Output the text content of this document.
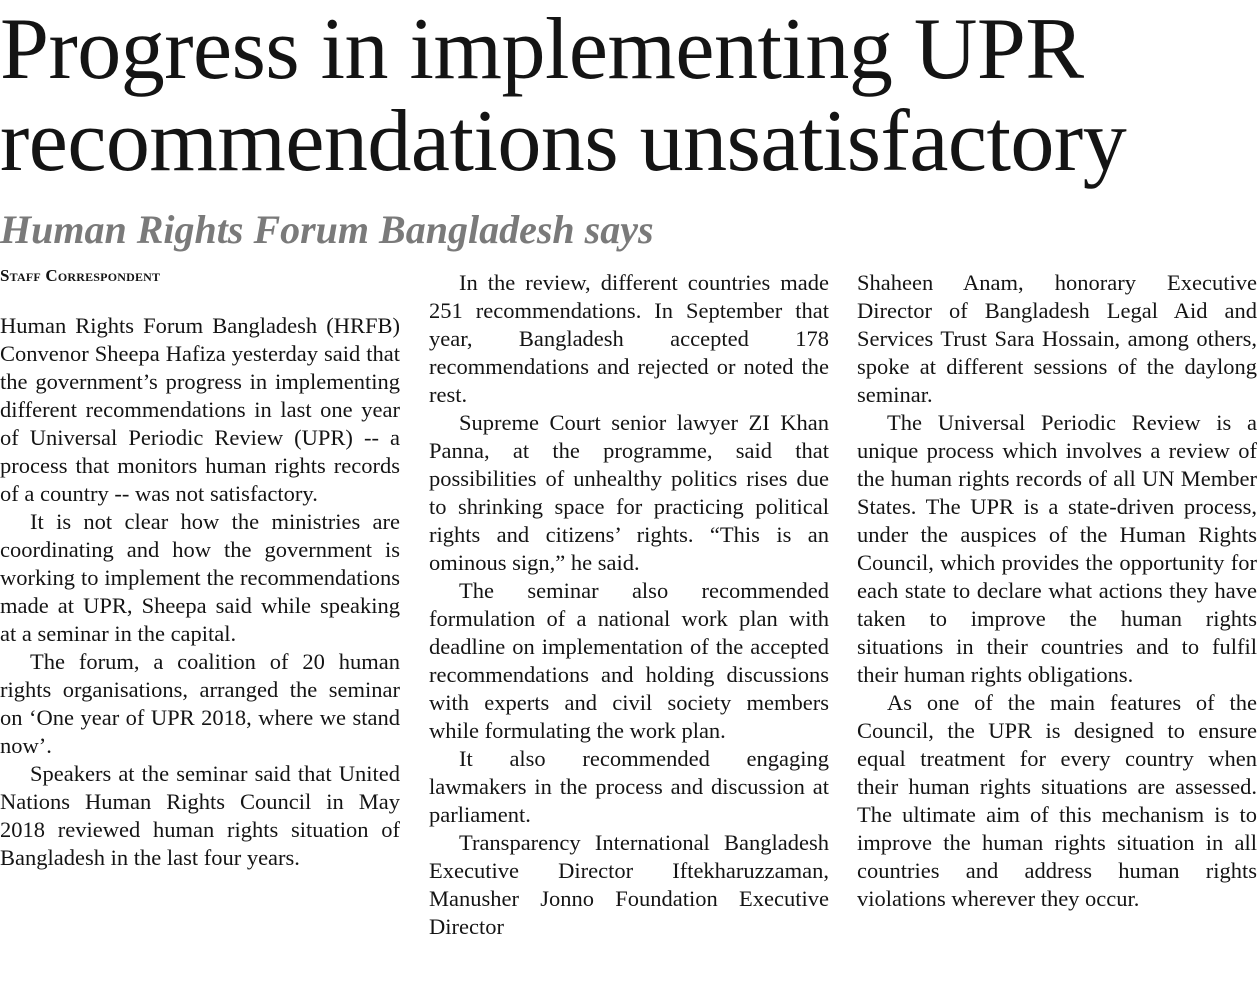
Progress in implementing UPR
recommendations unsatisfactory
Human Rights Forum Bangladesh says
Staff Correspondent

Human Rights Forum Bangladesh (HRFB) Convenor Sheepa Hafiza yesterday said that the government’s progress in implementing different recommendations in last one year of Universal Periodic Review (UPR) -- a process that monitors human rights records of a country -- was not satisfactory.

It is not clear how the ministries are coordinating and how the government is working to implement the recommendations made at UPR, Sheepa said while speaking at a seminar in the capital.

The forum, a coalition of 20 human rights organisations, arranged the seminar on ‘One year of UPR 2018, where we stand now’.

Speakers at the seminar said that United Nations Human Rights Council in May 2018 reviewed human rights situation of Bangladesh in the last four years.

In the review, different countries made 251 recommendations. In September that year, Bangladesh accepted 178 recommendations and rejected or noted the rest.

Supreme Court senior lawyer ZI Khan Panna, at the programme, said that possibilities of unhealthy politics rises due to shrinking space for practicing political rights and citizens’ rights. “This is an ominous sign,” he said.

The seminar also recommended formulation of a national work plan with deadline on implementation of the accepted recommendations and holding discussions with experts and civil society members while formulating the work plan.

It also recommended engaging lawmakers in the process and discussion at parliament.

Transparency International Bangladesh Executive Director Iftekharuzzaman, Manusher Jonno Foundation Executive Director

Shaheen Anam, honorary Executive Director of Bangladesh Legal Aid and Services Trust Sara Hossain, among others, spoke at different sessions of the daylong seminar.

The Universal Periodic Review is a unique process which involves a review of the human rights records of all UN Member States. The UPR is a state-driven process, under the auspices of the Human Rights Council, which provides the opportunity for each state to declare what actions they have taken to improve the human rights situations in their countries and to fulfil their human rights obligations.

As one of the main features of the Council, the UPR is designed to ensure equal treatment for every country when their human rights situations are assessed. The ultimate aim of this mechanism is to improve the human rights situation in all countries and address human rights violations wherever they occur.
